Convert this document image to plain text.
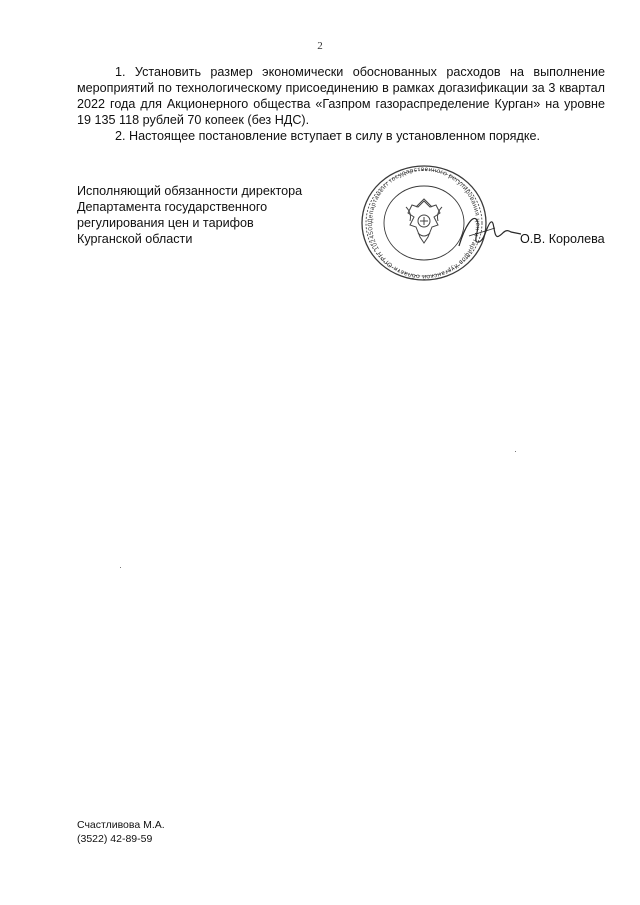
2

1. Установить размер экономически обоснованных расходов на выполнение мероприятий по технологическому присоединению в рамках догазификации за 3 квартал 2022 года для Акционерного общества «Газпром газораспределение Курган» на уровне 19 135 118 рублей 70 копеек (без НДС).

2. Настоящее постановление вступает в силу в установленном порядке.

Исполняющий обязанности директора
Департамента государственного
регулирования цен и тарифов
Курганской области
Департамент государственного регулирования цен и тарифов Курганской области ОГРН 1024500
О.В. Королева
Счастливова М.А.
(3522) 42-89-59
